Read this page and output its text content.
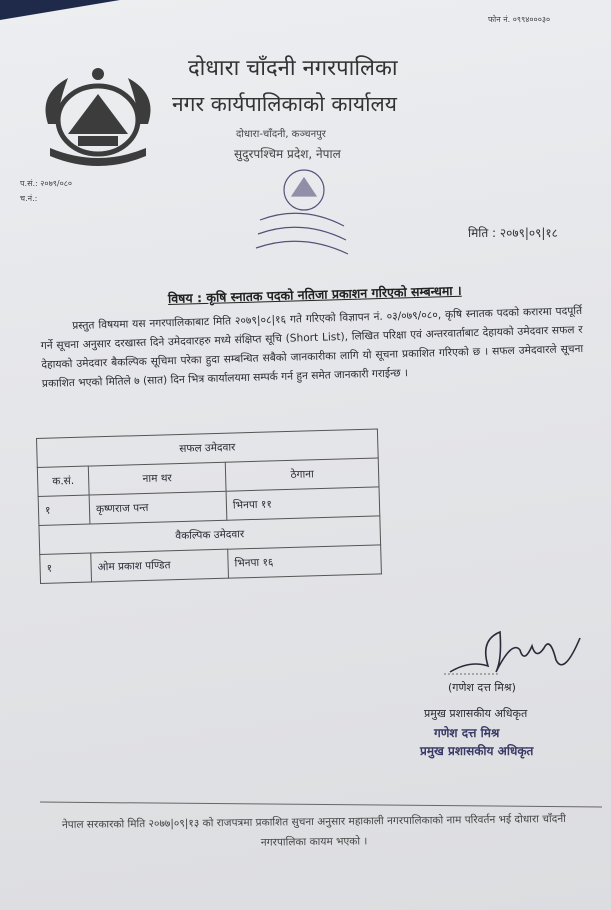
फोन नं. ०९९४०००३०
दोधारा चाँदनी नगरपालिका
नगर कार्यपालिकाको कार्यालय
दोधारा-चाँदनी, कञ्चनपुर
सुदुरपश्चिम प्रदेश, नेपाल
प.सं.: २०७९/०८०
च.नं.:
मिति : २०७९|०९|१८
विषय : कृषि स्नातक पदको नतिजा प्रकाशन गरिएको सम्बन्धमा ।
प्रस्तुत विषयमा यस नगरपालिकाबाट मिति २०७९|०८|१६ गते गरिएको विज्ञापन नं. ०३/०७९/०८०, कृषि स्नातक पदको करारमा पदपूर्ति गर्ने सूचना अनुसार दरखास्त दिने उमेदवारहरु मध्ये संक्षिप्त सूचि (Short List), लिखित परिक्षा एवं अन्तरवार्ताबाट देहायको उमेदवार सफल र देहायको उमेदवार बैकल्पिक सूचिमा परेका हुदा सम्बन्धित सबैको जानकारीका लागि यो सूचना प्रकाशित गरिएको छ । सफल उमेदवारले सूचना प्रकाशित भएको मितिले ७ (सात) दिन भित्र कार्यालयमा सम्पर्क गर्न हुन समेत जानकारी गराईन्छ ।
सफल उमेदवार		
क.सं.	नाम थर	ठेगाना
१	कृष्णराज पन्त	भिनपा ११
वैकल्पिक उमेदवार		
१	ओम प्रकाश पण्डित	भिनपा १६
(गणेश दत्त मिश्र)
प्रमुख प्रशासकीय अधिकृत
गणेश दत्त मिश्र
प्रमुख प्रशासकीय अधिकृत
नेपाल सरकारको मिति २०७७|०९|१३ को राजपत्रमा प्रकाशित सुचना अनुसार महाकाली नगरपालिकाको नाम परिवर्तन भई दोधारा चाँदनी नगरपालिका कायम भएको ।
